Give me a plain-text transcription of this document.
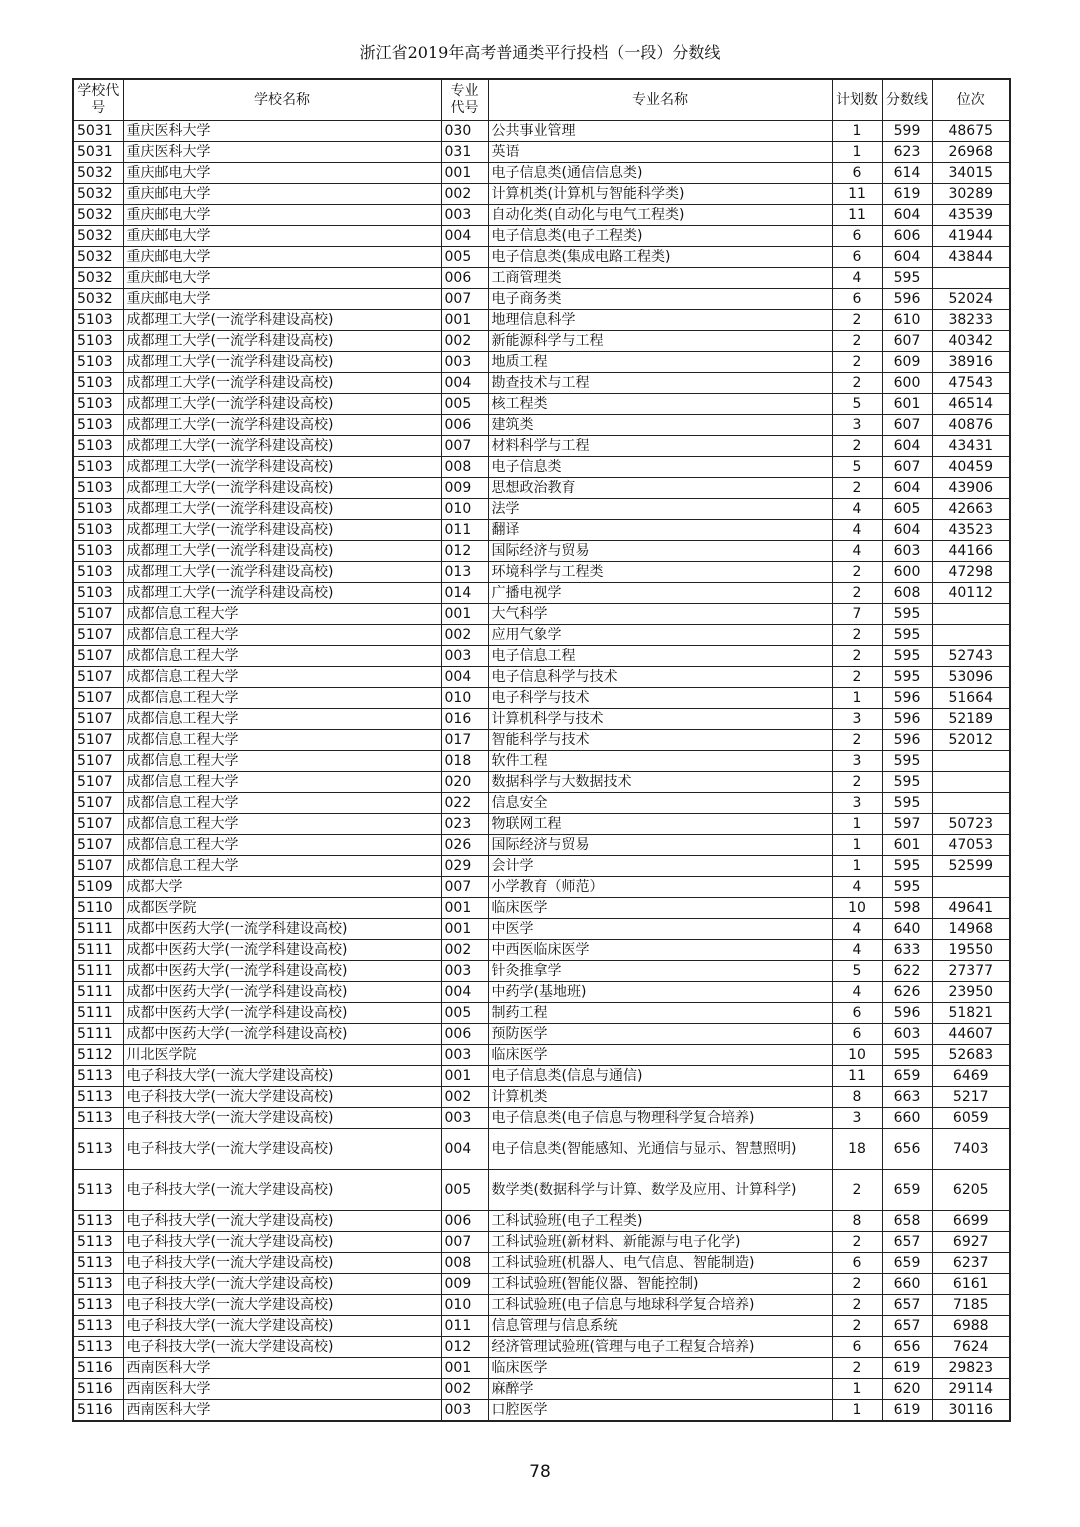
浙江省2019年高考普通类平行投档（一段）分数线
学校代号	学校名称	专业代号	专业名称	计划数	分数线	位次
5031	重庆医科大学	030	公共事业管理	1	599	48675
5031	重庆医科大学	031	英语	1	623	26968
5032	重庆邮电大学	001	电子信息类(通信信息类)	6	614	34015
5032	重庆邮电大学	002	计算机类(计算机与智能科学类)	11	619	30289
5032	重庆邮电大学	003	自动化类(自动化与电气工程类)	11	604	43539
5032	重庆邮电大学	004	电子信息类(电子工程类)	6	606	41944
5032	重庆邮电大学	005	电子信息类(集成电路工程类)	6	604	43844
5032	重庆邮电大学	006	工商管理类	4	595	
5032	重庆邮电大学	007	电子商务类	6	596	52024
5103	成都理工大学(一流学科建设高校)	001	地理信息科学	2	610	38233
5103	成都理工大学(一流学科建设高校)	002	新能源科学与工程	2	607	40342
5103	成都理工大学(一流学科建设高校)	003	地质工程	2	609	38916
5103	成都理工大学(一流学科建设高校)	004	勘查技术与工程	2	600	47543
5103	成都理工大学(一流学科建设高校)	005	核工程类	5	601	46514
5103	成都理工大学(一流学科建设高校)	006	建筑类	3	607	40876
5103	成都理工大学(一流学科建设高校)	007	材料科学与工程	2	604	43431
5103	成都理工大学(一流学科建设高校)	008	电子信息类	5	607	40459
5103	成都理工大学(一流学科建设高校)	009	思想政治教育	2	604	43906
5103	成都理工大学(一流学科建设高校)	010	法学	4	605	42663
5103	成都理工大学(一流学科建设高校)	011	翻译	4	604	43523
5103	成都理工大学(一流学科建设高校)	012	国际经济与贸易	4	603	44166
5103	成都理工大学(一流学科建设高校)	013	环境科学与工程类	2	600	47298
5103	成都理工大学(一流学科建设高校)	014	广播电视学	2	608	40112
5107	成都信息工程大学	001	大气科学	7	595	
5107	成都信息工程大学	002	应用气象学	2	595	
5107	成都信息工程大学	003	电子信息工程	2	595	52743
5107	成都信息工程大学	004	电子信息科学与技术	2	595	53096
5107	成都信息工程大学	010	电子科学与技术	1	596	51664
5107	成都信息工程大学	016	计算机科学与技术	3	596	52189
5107	成都信息工程大学	017	智能科学与技术	2	596	52012
5107	成都信息工程大学	018	软件工程	3	595	
5107	成都信息工程大学	020	数据科学与大数据技术	2	595	
5107	成都信息工程大学	022	信息安全	3	595	
5107	成都信息工程大学	023	物联网工程	1	597	50723
5107	成都信息工程大学	026	国际经济与贸易	1	601	47053
5107	成都信息工程大学	029	会计学	1	595	52599
5109	成都大学	007	小学教育（师范）	4	595	
5110	成都医学院	001	临床医学	10	598	49641
5111	成都中医药大学(一流学科建设高校)	001	中医学	4	640	14968
5111	成都中医药大学(一流学科建设高校)	002	中西医临床医学	4	633	19550
5111	成都中医药大学(一流学科建设高校)	003	针灸推拿学	5	622	27377
5111	成都中医药大学(一流学科建设高校)	004	中药学(基地班)	4	626	23950
5111	成都中医药大学(一流学科建设高校)	005	制药工程	6	596	51821
5111	成都中医药大学(一流学科建设高校)	006	预防医学	6	603	44607
5112	川北医学院	003	临床医学	10	595	52683
5113	电子科技大学(一流大学建设高校)	001	电子信息类(信息与通信)	11	659	6469
5113	电子科技大学(一流大学建设高校)	002	计算机类	8	663	5217
5113	电子科技大学(一流大学建设高校)	003	电子信息类(电子信息与物理科学复合培养)	3	660	6059
5113	电子科技大学(一流大学建设高校)	004	电子信息类(智能感知、光通信与显示、智慧照明)	18	656	7403
5113	电子科技大学(一流大学建设高校)	005	数学类(数据科学与计算、数学及应用、计算科学)	2	659	6205
5113	电子科技大学(一流大学建设高校)	006	工科试验班(电子工程类)	8	658	6699
5113	电子科技大学(一流大学建设高校)	007	工科试验班(新材料、新能源与电子化学)	2	657	6927
5113	电子科技大学(一流大学建设高校)	008	工科试验班(机器人、电气信息、智能制造)	6	659	6237
5113	电子科技大学(一流大学建设高校)	009	工科试验班(智能仪器、智能控制)	2	660	6161
5113	电子科技大学(一流大学建设高校)	010	工科试验班(电子信息与地球科学复合培养)	2	657	7185
5113	电子科技大学(一流大学建设高校)	011	信息管理与信息系统	2	657	6988
5113	电子科技大学(一流大学建设高校)	012	经济管理试验班(管理与电子工程复合培养)	6	656	7624
5116	西南医科大学	001	临床医学	2	619	29823
5116	西南医科大学	002	麻醉学	1	620	29114
5116	西南医科大学	003	口腔医学	1	619	30116
78
